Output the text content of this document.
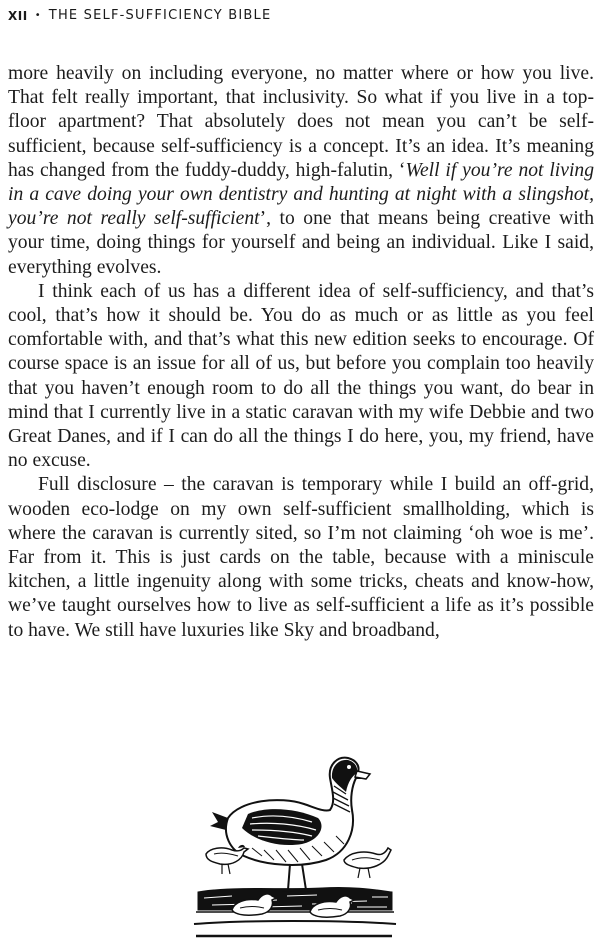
XII • THE SELF-SUFFICIENCY BIBLE

more heavily on including everyone, no matter where or how you live. That felt really important, that inclusivity. So what if you live in a top-floor apartment? That absolutely does not mean you can’t be self-sufficient, because self-sufficiency is a concept. It’s an idea. It’s meaning has changed from the fuddy-duddy, high-falutin, ‘Well if you’re not living in a cave doing your own dentistry and hunting at night with a slingshot, you’re not really self-sufficient’, to one that means being creative with your time, doing things for yourself and being an individual. Like I said, everything evolves.

I think each of us has a different idea of self-sufficiency, and that’s cool, that’s how it should be. You do as much or as little as you feel comfortable with, and that’s what this new edition seeks to encourage. Of course space is an issue for all of us, but before you complain too heavily that you haven’t enough room to do all the things you want, do bear in mind that I currently live in a static caravan with my wife Debbie and two Great Danes, and if I can do all the things I do here, you, my friend, have no excuse.

Full disclosure – the caravan is temporary while I build an off-grid, wooden eco-lodge on my own self-sufficient smallholding, which is where the caravan is currently sited, so I’m not claiming ‘oh woe is me’. Far from it. This is just cards on the table, because with a miniscule kitchen, a little ingenuity along with some tricks, cheats and know-how, we’ve taught ourselves how to live as self-sufficient a life as it’s possible to have. We still have luxuries like Sky and broadband,
